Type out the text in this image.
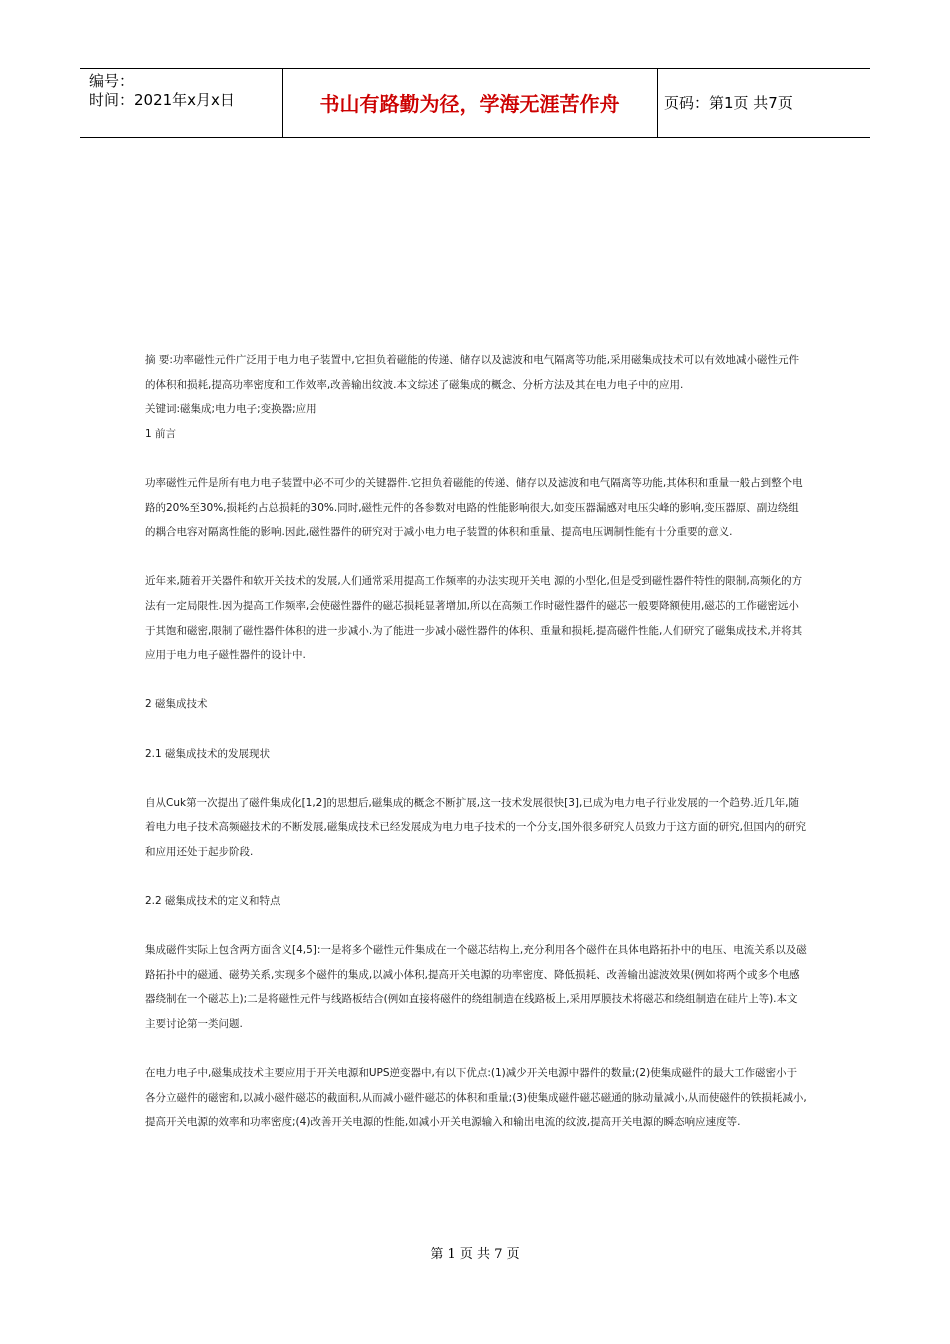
编号：
时间：2021年x月x日	书山有路勤为径，学海无涯苦作舟	页码：第1页 共7页

摘 要:功率磁性元件广泛用于电力电子装置中,它担负着磁能的传递、储存以及滤波和电气隔离等功能,采用磁集成技术可以有效地减小磁性元件的体积和损耗,提高功率密度和工作效率,改善输出纹波.本文综述了磁集成的概念、分析方法及其在电力电子中的应用.

关键词:磁集成;电力电子;变换器;应用

1 前言

功率磁性元件是所有电力电子装置中必不可少的关键器件.它担负着磁能的传递、储存以及滤波和电气隔离等功能,其体积和重量一般占到整个电路的20%至30%,损耗约占总损耗的30%.同时,磁性元件的各参数对电路的性能影响很大,如变压器漏感对电压尖峰的影响,变压器原、副边绕组的耦合电容对隔离性能的影响.因此,磁性器件的研究对于减小电力电子装置的体积和重量、提高电压调制性能有十分重要的意义.

近年来,随着开关器件和软开关技术的发展,人们通常采用提高工作频率的办法实现开关电 源的小型化,但是受到磁性器件特性的限制,高频化的方法有一定局限性.因为提高工作频率,会使磁性器件的磁芯损耗显著增加,所以在高频工作时磁性器件的磁芯一般要降额使用,磁芯的工作磁密远小于其饱和磁密,限制了磁性器件体积的进一步减小.为了能进一步减小磁性器件的体积、重量和损耗,提高磁件性能,人们研究了磁集成技术,并将其应用于电力电子磁性器件的设计中.

2 磁集成技术

2.1 磁集成技术的发展现状

自从Cuk第一次提出了磁件集成化[1,2]的思想后,磁集成的概念不断扩展,这一技术发展很快[3],已成为电力电子行业发展的一个趋势.近几年,随着电力电子技术高频磁技术的不断发展,磁集成技术已经发展成为电力电子技术的一个分支,国外很多研究人员致力于这方面的研究,但国内的研究和应用还处于起步阶段.

2.2 磁集成技术的定义和特点

集成磁件实际上包含两方面含义[4,5]:一是将多个磁性元件集成在一个磁芯结构上,充分利用各个磁件在具体电路拓扑中的电压、电流关系以及磁路拓扑中的磁通、磁势关系,实现多个磁件的集成,以减小体积,提高开关电源的功率密度、降低损耗、改善输出滤波效果(例如将两个或多个电感器绕制在一个磁芯上);二是将磁性元件与线路板结合(例如直接将磁件的绕组制造在线路板上,采用厚膜技术将磁芯和绕组制造在硅片上等).本文主要讨论第一类问题.

在电力电子中,磁集成技术主要应用于开关电源和UPS逆变器中,有以下优点:(1)减少开关电源中器件的数量;(2)使集成磁件的最大工作磁密小于各分立磁件的磁密和,以减小磁件磁芯的截面积,从而减小磁件磁芯的体积和重量;(3)使集成磁件磁芯磁通的脉动量减小,从而使磁件的铁损耗减小,提高开关电源的效率和功率密度;(4)改善开关电源的性能,如减小开关电源输入和输出电流的纹波,提高开关电源的瞬态响应速度等.

第 1 页 共 7 页
